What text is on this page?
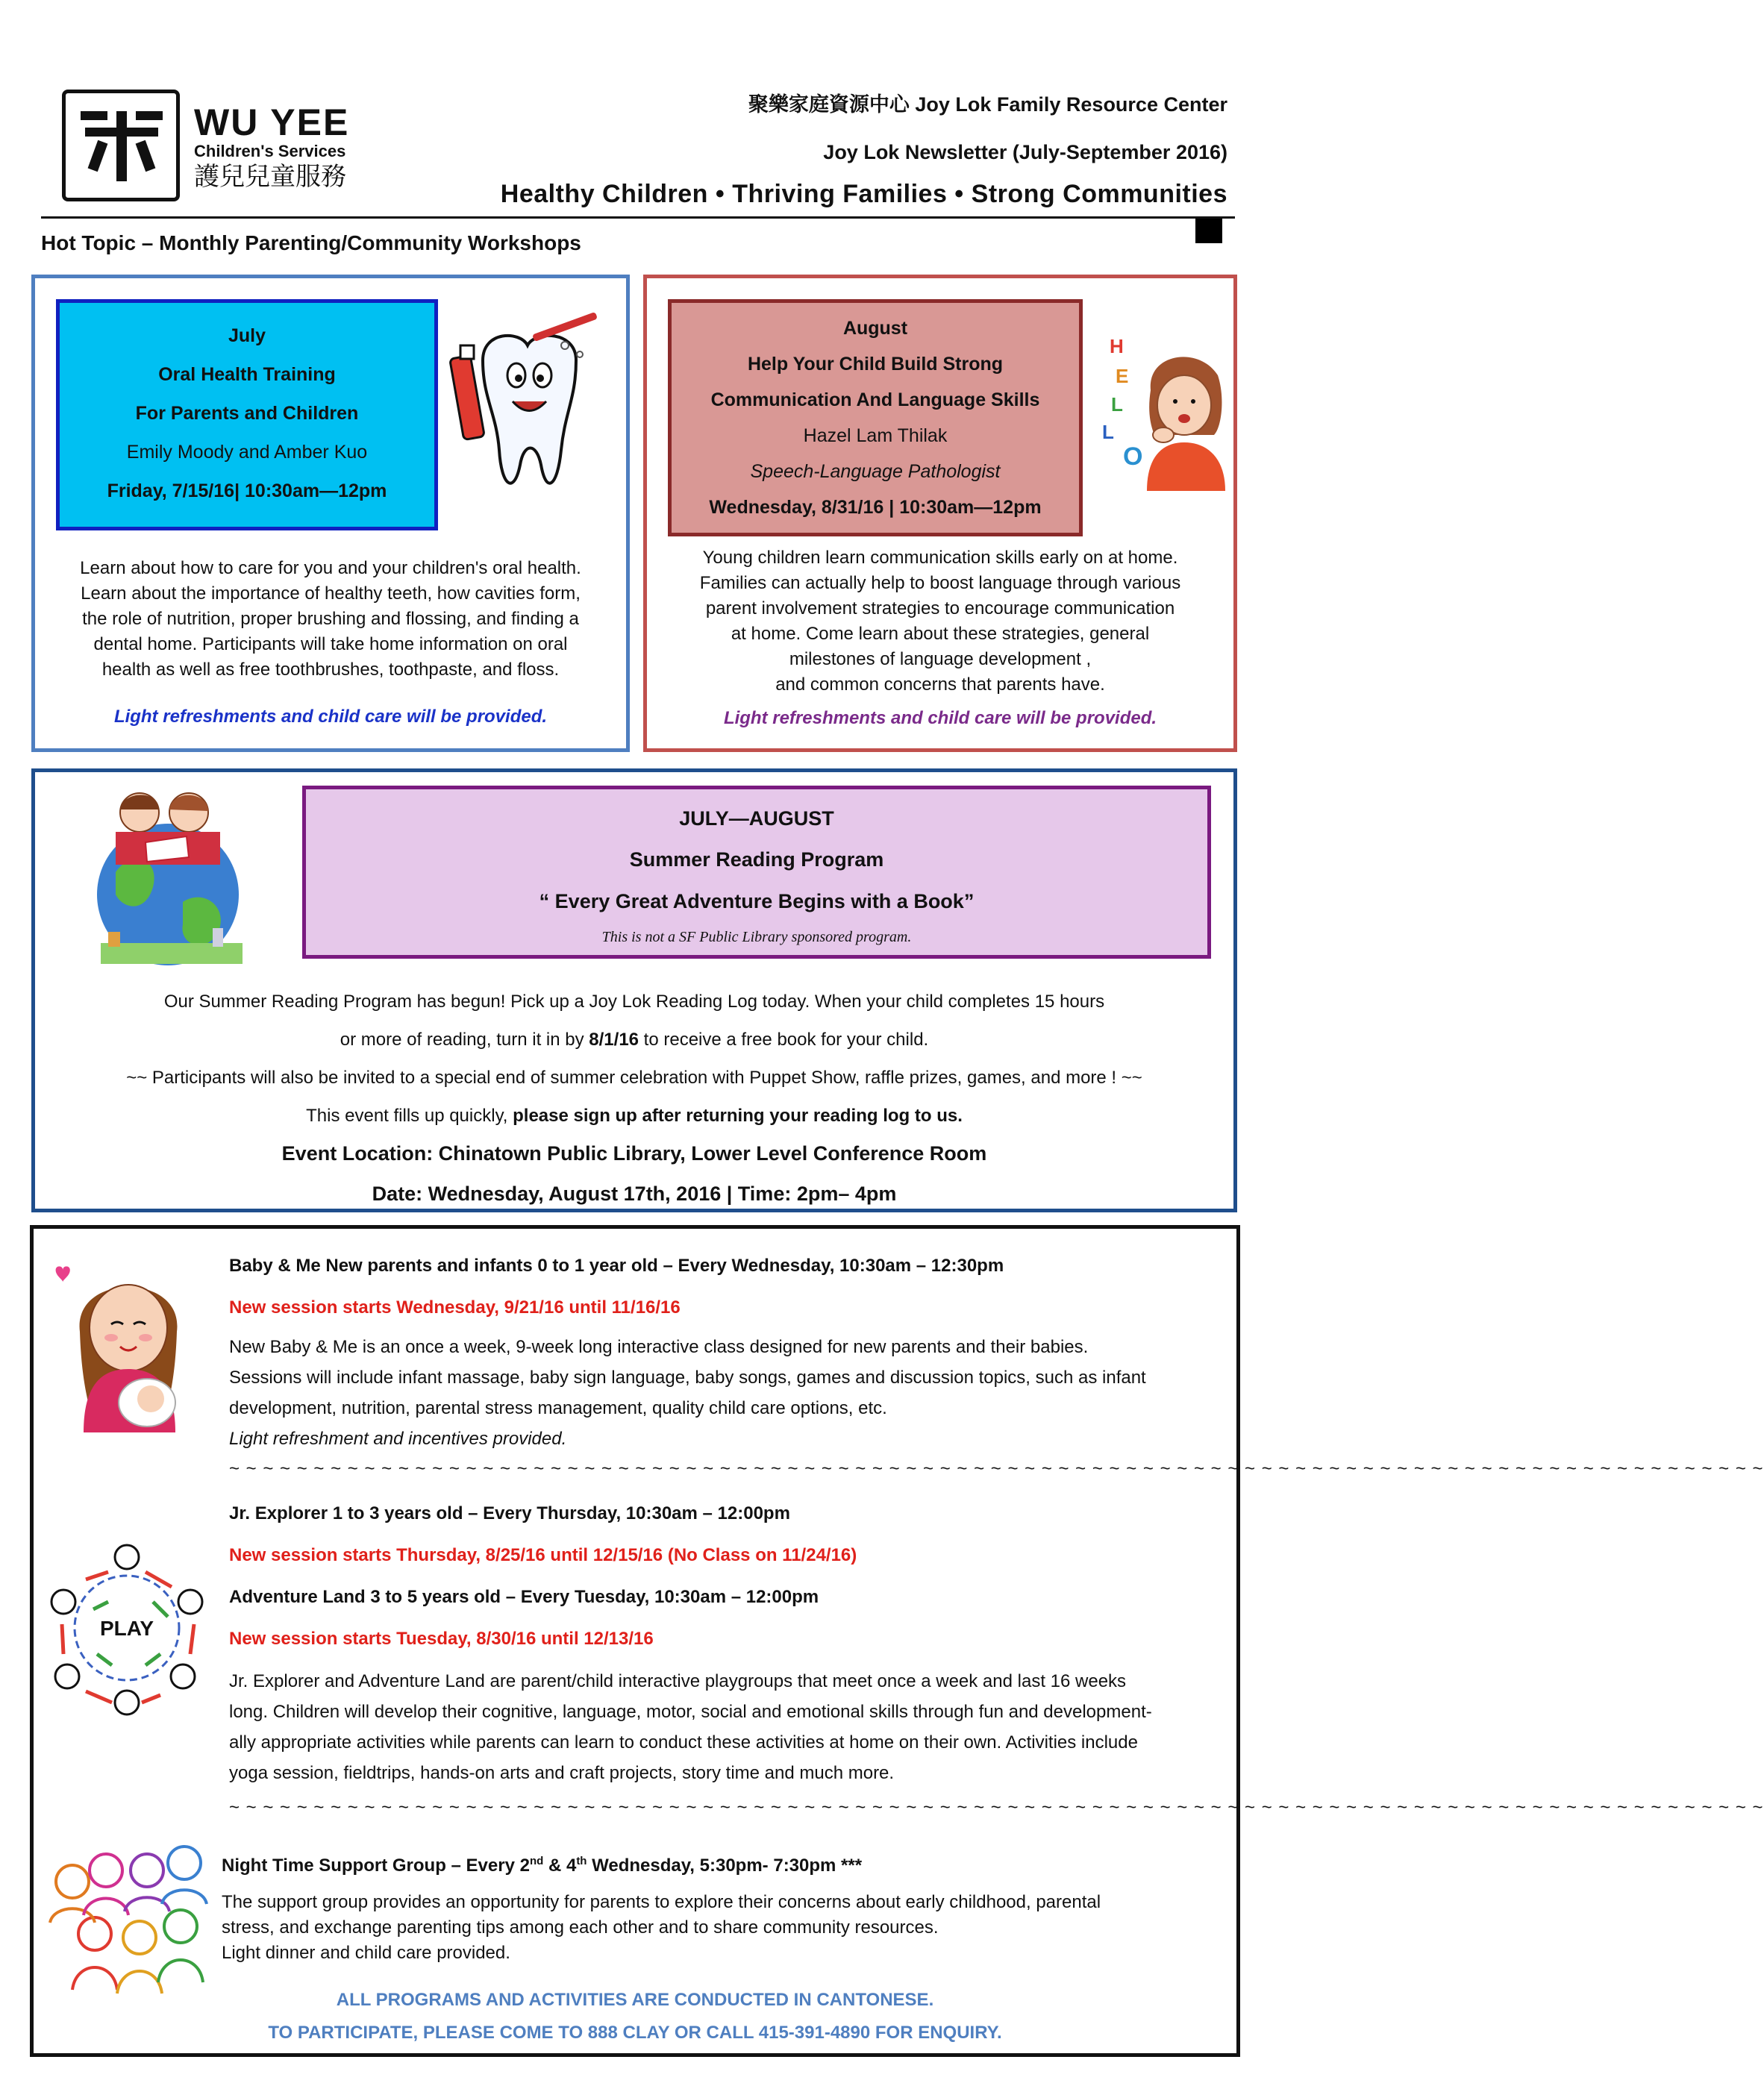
WU YEE
Children's Services
護兒兒童服務
聚樂家庭資源中心 Joy Lok Family Resource Center
Joy Lok Newsletter (July-September 2016)
Healthy Children • Thriving Families • Strong Communities
Hot Topic – Monthly Parenting/Community Workshops
July
Oral Health Training
For Parents and Children
Emily Moody and Amber Kuo
Friday, 7/15/16| 10:30am—12pm
Learn about how to care for you and your children's oral health.
Learn about the importance of healthy teeth, how cavities form,
the role of nutrition, proper brushing and flossing, and finding a
dental home. Participants will take home information on oral
health as well as free toothbrushes, toothpaste, and floss.
Light refreshments and child care will be provided.
August
Help Your Child Build Strong
Communication And Language Skills
Hazel Lam Thilak
Speech-Language Pathologist
Wednesday, 8/31/16 | 10:30am—12pm
H
E
L
L
O
Young children learn communication skills early on at home.
Families can actually help to boost language through various
parent involvement strategies to encourage communication
at home. Come learn about these strategies, general
milestones of language development ,
and common concerns that parents have.
Light refreshments and child care will be provided.
JULY—AUGUST
Summer Reading Program
“ Every Great Adventure Begins with a Book”
This is not a SF Public Library sponsored program.
Our Summer Reading Program has begun! Pick up a Joy Lok Reading Log today. When your child completes 15 hours
or more of reading, turn it in by 8/1/16 to receive a free book for your child.
~~ Participants will also be invited to a special end of summer celebration with Puppet Show, raffle prizes, games, and more ! ~~
This event fills up quickly, please sign up after returning your reading log to us.
Event Location: Chinatown Public Library, Lower Level Conference Room
Date: Wednesday, August 17th, 2016 | Time: 2pm– 4pm
Baby & Me New parents and infants 0 to 1 year old – Every Wednesday, 10:30am – 12:30pm
New session starts Wednesday, 9/21/16 until 11/16/16
New Baby & Me is an once a week, 9-week long interactive class designed for new parents and their babies.
Sessions will include infant massage, baby sign language, baby songs, games and discussion topics, such as infant
development, nutrition, parental stress management, quality child care options, etc.
Light refreshment and incentives provided.
~ ~ ~ ~ ~ ~ ~ ~ ~ ~ ~ ~ ~ ~ ~ ~ ~ ~ ~ ~ ~ ~ ~ ~ ~ ~ ~ ~ ~ ~ ~ ~ ~ ~ ~ ~ ~ ~ ~ ~ ~ ~ ~ ~ ~ ~ ~ ~ ~ ~ ~ ~ ~ ~ ~ ~ ~ ~ ~ ~ ~ ~ ~ ~ ~ ~ ~ ~ ~ ~ ~ ~ ~ ~ ~ ~ ~ ~ ~ ~ ~ ~ ~ ~ ~ ~ ~ ~ ~ ~ ~
PLAY
Jr. Explorer 1 to 3 years old – Every Thursday, 10:30am – 12:00pm
New session starts Thursday, 8/25/16 until 12/15/16 (No Class on 11/24/16)
Adventure Land 3 to 5 years old – Every Tuesday, 10:30am – 12:00pm
New session starts Tuesday, 8/30/16 until 12/13/16
Jr. Explorer and Adventure Land are parent/child interactive playgroups that meet once a week and last 16 weeks
long. Children will develop their cognitive, language, motor, social and emotional skills through fun and development-
ally appropriate activities while parents can learn to conduct these activities at home on their own. Activities include
yoga session, fieldtrips, hands-on arts and craft projects, story time and much more.
~ ~ ~ ~ ~ ~ ~ ~ ~ ~ ~ ~ ~ ~ ~ ~ ~ ~ ~ ~ ~ ~ ~ ~ ~ ~ ~ ~ ~ ~ ~ ~ ~ ~ ~ ~ ~ ~ ~ ~ ~ ~ ~ ~ ~ ~ ~ ~ ~ ~ ~ ~ ~ ~ ~ ~ ~ ~ ~ ~ ~ ~ ~ ~ ~ ~ ~ ~ ~ ~ ~ ~ ~ ~ ~ ~ ~ ~ ~ ~ ~ ~ ~ ~ ~ ~ ~ ~ ~ ~ ~
Night Time Support Group – Every 2nd & 4th Wednesday, 5:30pm- 7:30pm ***
The support group provides an opportunity for parents to explore their concerns about early childhood, parental
stress, and exchange parenting tips among each other and to share community resources.
Light dinner and child care provided.
ALL PROGRAMS AND ACTIVITIES ARE CONDUCTED IN CANTONESE.
TO PARTICIPATE, PLEASE COME TO 888 CLAY OR CALL 415-391-4890 FOR ENQUIRY.
